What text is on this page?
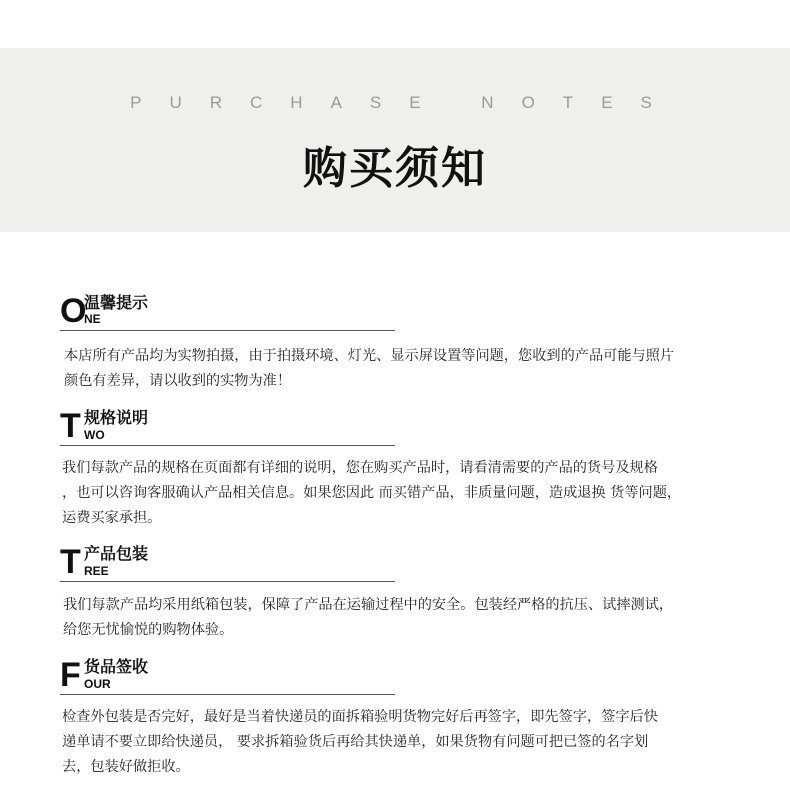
PURCHASE NOTES
购买须知
O
温馨提示
NE
本店所有产品均为实物拍摄，由于拍摄环境、灯光、显示屏设置等问题，您收到的产品可能与照片
颜色有差异，请以收到的实物为准！
T 规格说明
WO
我们每款产品的规格在页面都有详细的说明，您在购买产品时，请看清需要的产品的货号及规格
，也可以咨询客服确认产品相关信息。如果您因此 而买错产品，非质量问题，造成退换 货等问题，
运费买家承担。
T 产品包装
REE
我们每款产品均采用纸箱包装，保障了产品在运输过程中的安全。包装经严格的抗压、试摔测试，
给您无忧愉悦的购物体验。
F 货品签收
OUR
检查外包装是否完好，最好是当着快递员的面拆箱验明货物完好后再签字，即先签字，签字后快
递单请不要立即给快递员， 要求拆箱验货后再给其快递单，如果货物有问题可把已签的名字划
去，包装好做拒收。
